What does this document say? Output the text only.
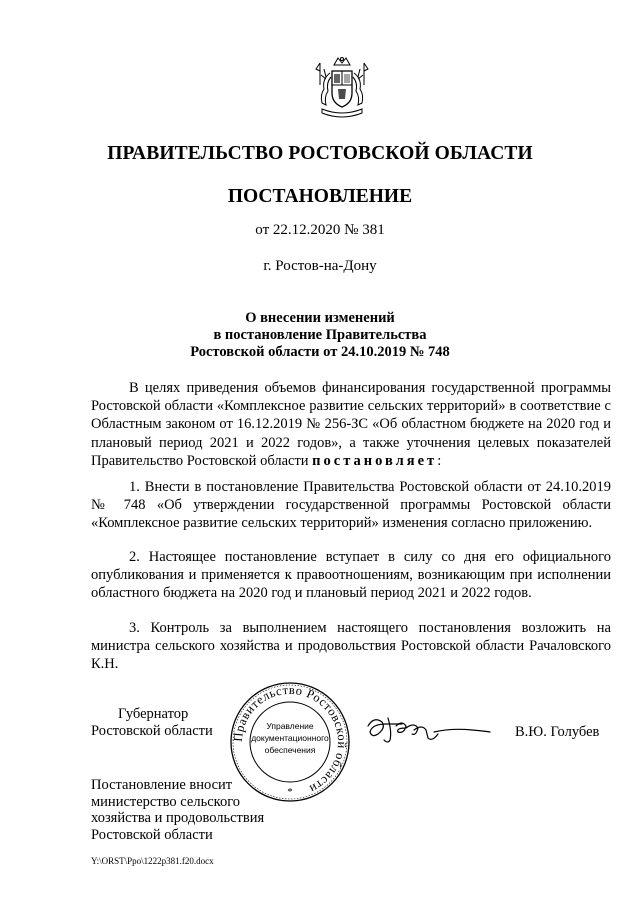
ПРАВИТЕЛЬСТВО РОСТОВСКОЙ ОБЛАСТИ
ПОСТАНОВЛЕНИЕ
от 22.12.2020 № 381
г. Ростов-на-Дону
О внесении изменений
в постановление Правительства
Ростовской области от 24.10.2019 № 748
В целях приведения объемов финансирования государственной программы Ростовской области «Комплексное развитие сельских территорий» в соответствие с Областным законом от 16.12.2019 № 256-ЗС «Об областном бюджете на 2020 год и плановый период 2021 и 2022 годов», а также уточнения целевых показателей Правительство Ростовской области постановляет:
1. Внести в постановление Правительства Ростовской области от 24.10.2019 № 748 «Об утверждении государственной программы Ростовской области «Комплексное развитие сельских территорий» изменения согласно приложению.
2. Настоящее постановление вступает в силу со дня его официального опубликования и применяется к правоотношениям, возникающим при исполнении областного бюджета на 2020 год и плановый период 2021 и 2022 годов.
3. Контроль за выполнением настоящего постановления возложить на министра сельского хозяйства и продовольствия Ростовской области Рачаловского К.Н.
Губернатор
Ростовской области Правительство Ростовской области
Управление
документационного
обеспечения
*
В.Ю. Голубев
Постановление вносит
министерство сельского
хозяйства и продовольствия
Ростовской области
Y:\ORST\Ppo\1222p381.f20.docx
